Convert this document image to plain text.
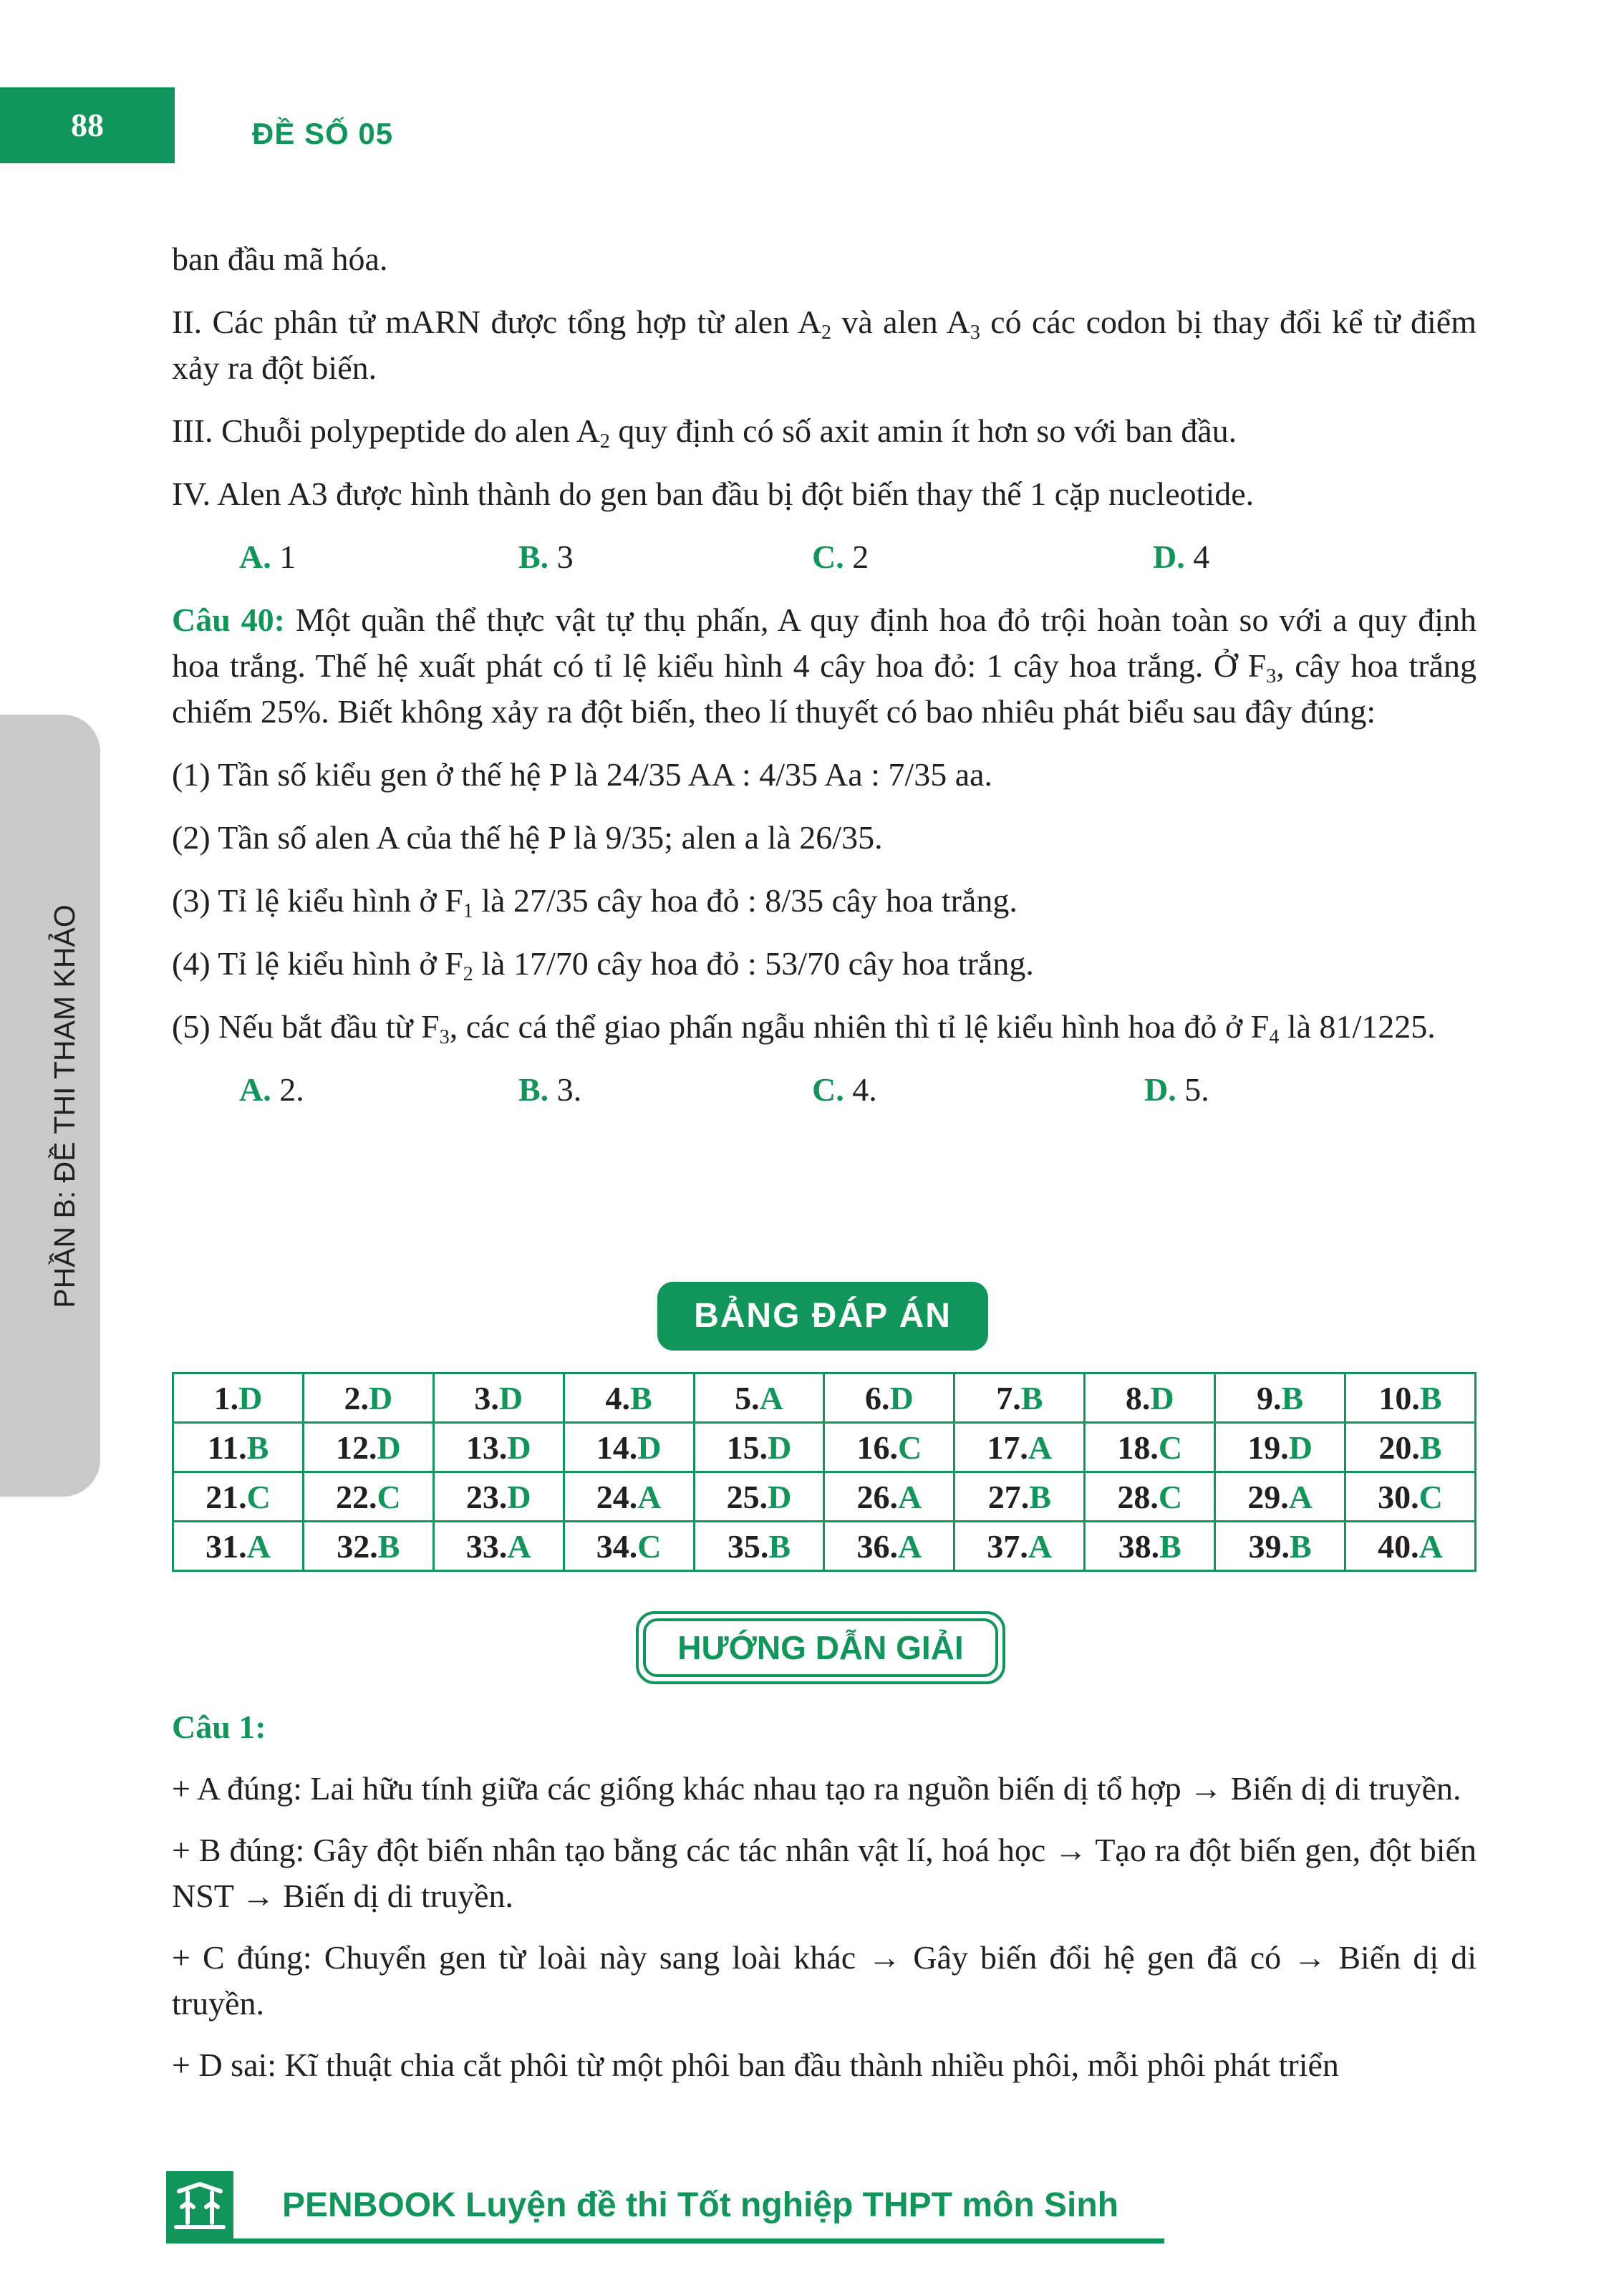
88	ĐỀ SỐ 05
PHẦN B: ĐỀ THI THAM KHẢO

ban đầu mã hóa.

II. Các phân tử mARN được tổng hợp từ alen $A_2$ và alen $A_3$ có các codon bị thay đổi kể từ điểm xảy ra đột biến.

III. Chuỗi polypeptide do alen $A_2$ quy định có số axit amin ít hơn so với ban đầu.

IV. Alen A3 được hình thành do gen ban đầu bị đột biến thay thế 1 cặp nucleotide.

A. 1	B. 3	C. 2	D. 4

Câu 40: Một quần thể thực vật tự thụ phấn, A quy định hoa đỏ trội hoàn toàn so với a quy định hoa trắng. Thế hệ xuất phát có tỉ lệ kiểu hình 4 cây hoa đỏ: 1 cây hoa trắng. Ở $F_3$, cây hoa trắng chiếm 25%. Biết không xảy ra đột biến, theo lí thuyết có bao nhiêu phát biểu sau đây đúng:

(1) Tần số kiểu gen ở thế hệ P là 24/35 AA : 4/35 Aa : 7/35 aa.

(2) Tần số alen A của thế hệ P là 9/35; alen a là 26/35.

(3) Tỉ lệ kiểu hình ở $F_1$ là 27/35 cây hoa đỏ : 8/35 cây hoa trắng.

(4) Tỉ lệ kiểu hình ở $F_2$ là 17/70 cây hoa đỏ : 53/70 cây hoa trắng.

(5) Nếu bắt đầu từ $F_3$, các cá thể giao phấn ngẫu nhiên thì tỉ lệ kiểu hình hoa đỏ ở $F_4$ là 81/1225.

A. 2.	B. 3.	C. 4.	D. 5.
BẢNG ĐÁP ÁN
1.D	2.D	3.D	4.B	5.A	6.D	7.B	8.D	9.B	10.B
11.B	12.D	13.D	14.D	15.D	16.C	17.A	18.C	19.D	20.B
21.C	22.C	23.D	24.A	25.D	26.A	27.B	28.C	29.A	30.C
31.A	32.B	33.A	34.C	35.B	36.A	37.A	38.B	39.B	40.A
HƯỚNG DẪN GIẢI

Câu 1:

+ A đúng: Lai hữu tính giữa các giống khác nhau tạo ra nguồn biến dị tổ hợp → Biến dị di truyền.

+ B đúng: Gây đột biến nhân tạo bằng các tác nhân vật lí, hoá học → Tạo ra đột biến gen, đột biến NST → Biến dị di truyền.

+ C đúng: Chuyển gen từ loài này sang loài khác → Gây biến đổi hệ gen đã có → Biến dị di truyền.

+ D sai: Kĩ thuật chia cắt phôi từ một phôi ban đầu thành nhiều phôi, mỗi phôi phát triển

PENBOOK Luyện đề thi Tốt nghiệp THPT môn Sinh
